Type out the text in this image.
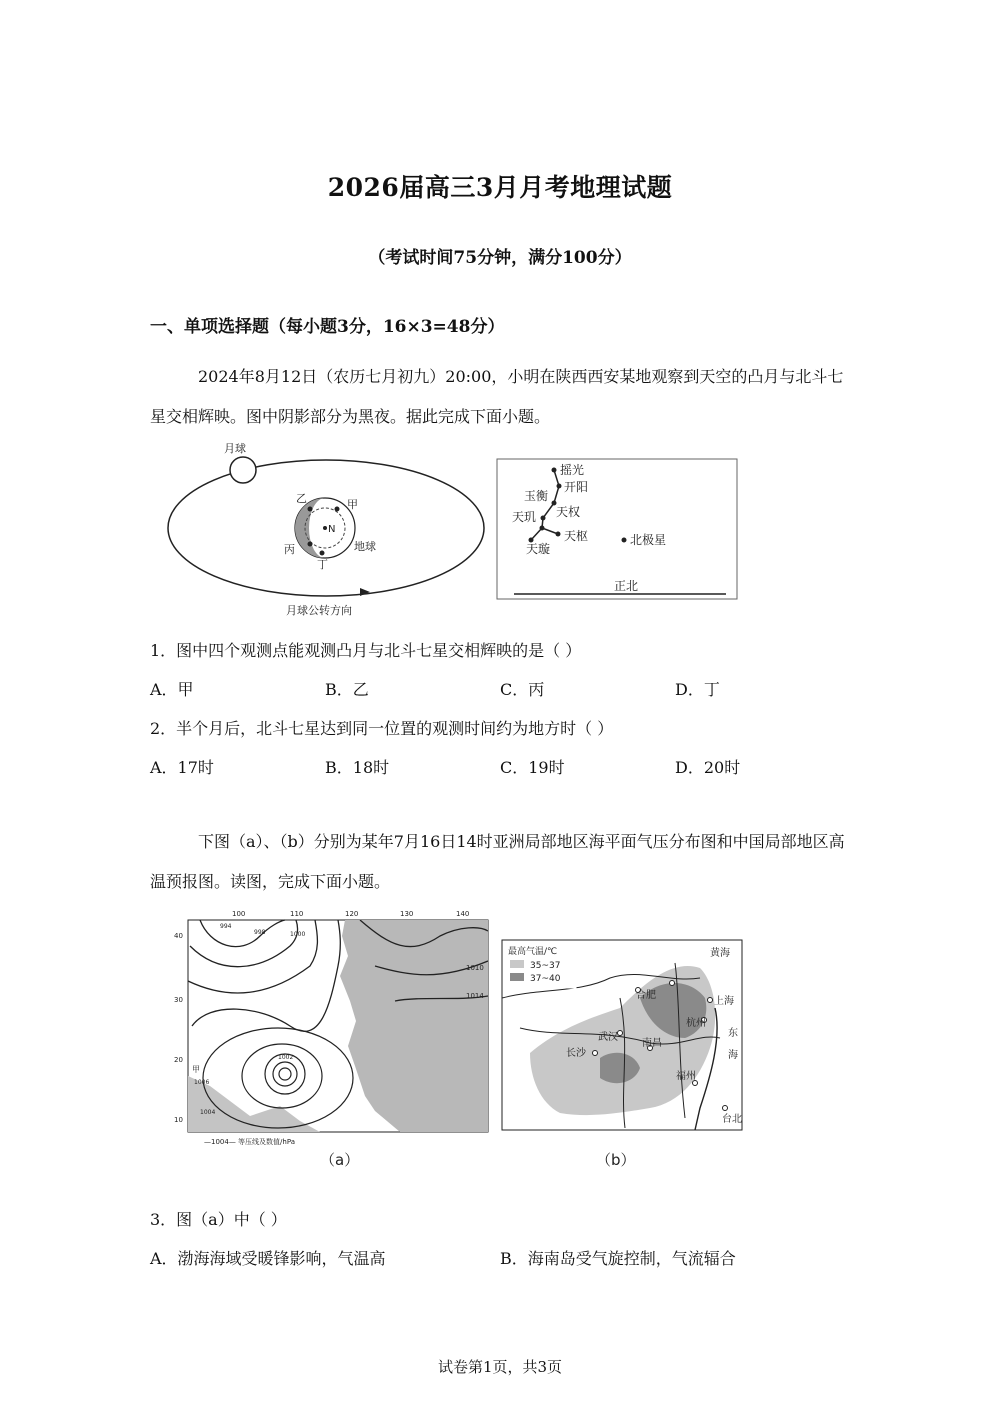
2026届高三3月月考地理试题
（考试时间75分钟，满分100分）
一、单项选择题（每小题3分，16×3=48分）
2024年8月12日（农历七月初九）20:00，小明在陕西西安某地观察到天空的凸月与北斗七星交相辉映。图中阴影部分为黑夜。据此完成下面小题。
月球
N
甲
乙
丙
丁
地球
月球公转方向
摇光
开阳
玉衡
天权
天玑
天枢
天璇
北极星
正北
1．图中四个观测点能观测凸月与北斗七星交相辉映的是（ ）
A．甲	B．乙	C．丙	D．丁
2．半个月后，北斗七星达到同一位置的观测时间约为地方时（ ）
A．17时	B．18时	C．19时	D．20时
下图（a）、（b）分别为某年7月16日14时亚洲局部地区海平面气压分布图和中国局部地区高温预报图。读图，完成下面小题。
100	110	120	130	140
40
30
20
10
1010
1014
1002
1006
998
994
1000
1004
甲
—1004— 等压线及数值/hPa
（a）
最高气温/℃
35~37
37~40
黄海
上海
杭州
合肥
武汉
南昌
长沙
福州
台北
东
海
（b）
3．图（a）中（ ）
A．渤海海域受暖锋影响，气温高	B．海南岛受气旋控制，气流辐合
试卷第1页，共3页
